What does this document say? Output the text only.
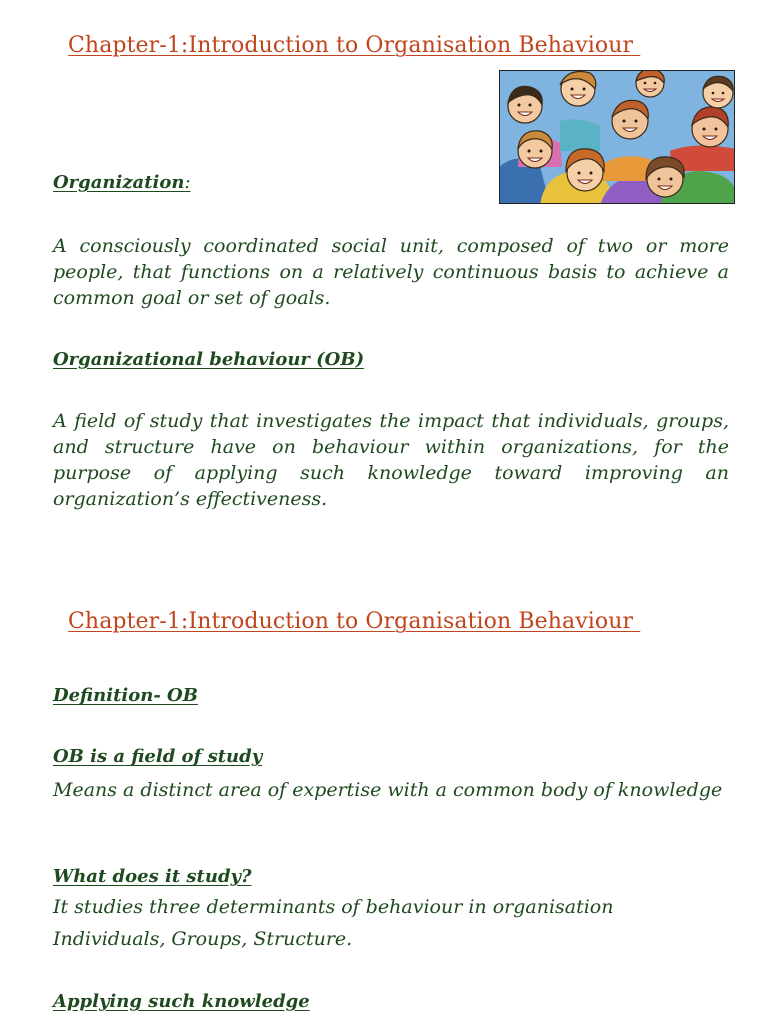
Chapter-1:Introduction to Organisation Behaviour
Organization:
A consciously coordinated social unit, composed of two or more people, that functions on a relatively continuous basis to achieve a common goal or set of goals.
Organizational behaviour (OB)
A field of study that investigates the impact that individuals, groups, and structure have on behaviour within organizations, for the purpose of applying such knowledge toward improving an organization’s effectiveness.
Chapter-1:Introduction to Organisation Behaviour
Definition- OB
OB is a field of study
Means a distinct area of expertise with a common body of knowledge
What does it study?
It studies three determinants of behaviour in organisation
Individuals, Groups, Structure.
Applying such knowledge
